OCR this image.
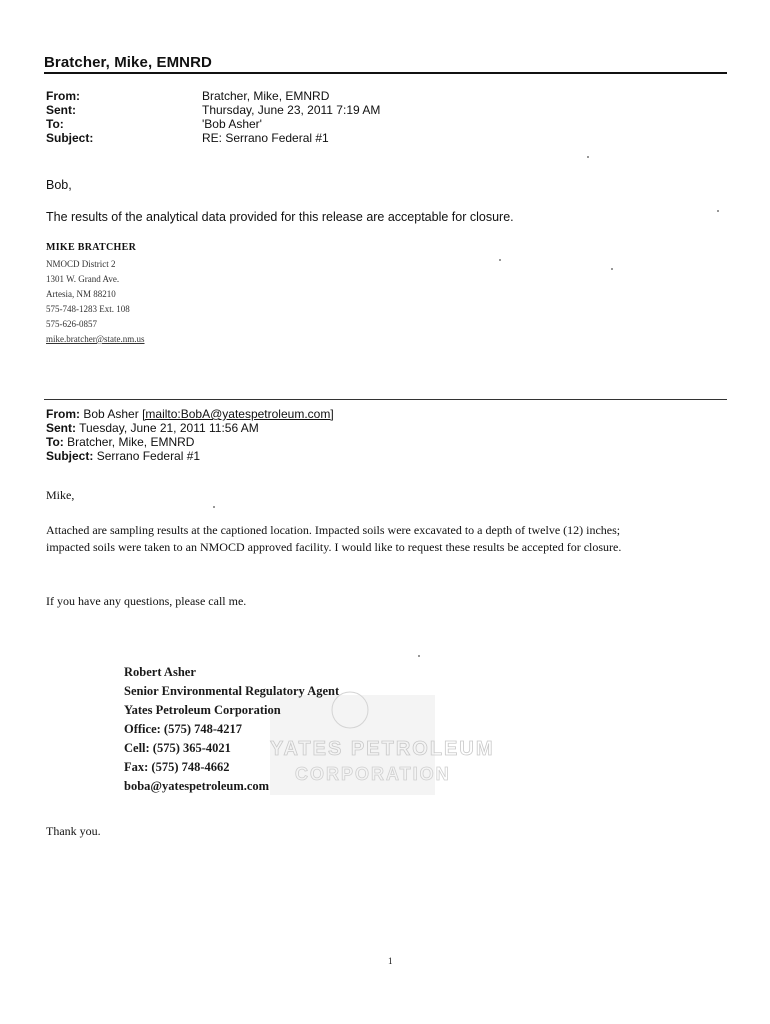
Bratcher, Mike, EMNRD
From:
Sent:
To:
Subject:
Bratcher, Mike, EMNRD
Thursday, June 23, 2011 7:19 AM
'Bob Asher'
RE: Serrano Federal #1
Bob,
The results of the analytical data provided for this release are acceptable for closure.
MIKE BRATCHER
NMOCD District 2
1301 W. Grand Ave.
Artesia, NM 88210
575-748-1283 Ext. 108
575-626-0857
mike.bratcher@state.nm.us
From: Bob Asher [mailto:BobA@yatespetroleum.com]
Sent: Tuesday, June 21, 2011 11:56 AM
To: Bratcher, Mike, EMNRD
Subject: Serrano Federal #1
Mike,
Attached are sampling results at the captioned location. Impacted soils were excavated to a depth of twelve (12) inches;
impacted soils were taken to an NMOCD approved facility. I would like to request these results be accepted for closure.
If you have any questions, please call me.
YATES PETROLEUM
CORPORATION
Robert Asher
Senior Environmental Regulatory Agent
Yates Petroleum Corporation
Office: (575) 748-4217
Cell: (575) 365-4021
Fax: (575) 748-4662
boba@yatespetroleum.com
Thank you.
1
